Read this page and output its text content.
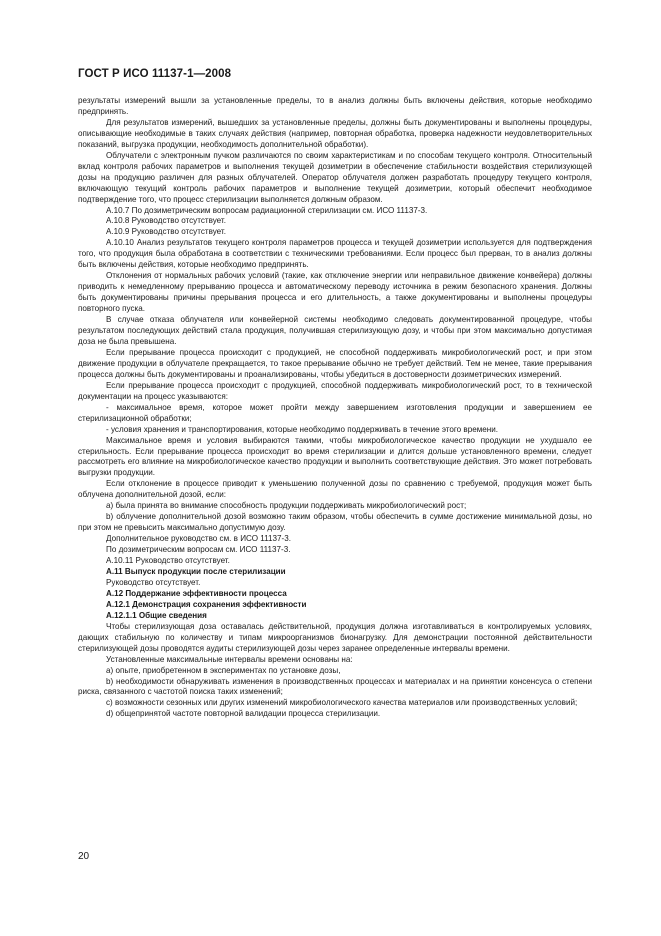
ГОСТ Р ИСО 11137-1—2008

результаты измерений вышли за установленные пределы, то в анализ должны быть включены действия, которые необходимо предпринять.

Для результатов измерений, вышедших за установленные пределы, должны быть документированы и выполнены процедуры, описывающие необходимые в таких случаях действия (например, повторная обработка, проверка надежности неудовлетворительных показаний, выгрузка продукции, необходимость дополнительной обработки).

Облучатели с электронным пучком различаются по своим характеристикам и по способам текущего контроля. Относительный вклад контроля рабочих параметров и выполнения текущей дозиметрии в обеспечение стабильности воздействия стерилизующей дозы на продукцию различен для разных облучателей. Оператор облучателя должен разработать процедуру текущего контроля, включающую текущий контроль рабочих параметров и выполнение текущей дозиметрии, который обеспечит необходимое подтверждение того, что процесс стерилизации выполняется должным образом.

А.10.7 По дозиметрическим вопросам радиационной стерилизации см. ИСО 11137-3.

А.10.8 Руководство отсутствует.

А.10.9 Руководство отсутствует.

А.10.10 Анализ результатов текущего контроля параметров процесса и текущей дозиметрии используется для подтверждения того, что продукция была обработана в соответствии с техническими требованиями. Если процесс был прерван, то в анализ должны быть включены действия, которые необходимо предпринять.

Отклонения от нормальных рабочих условий (такие, как отключение энергии или неправильное движение конвейера) должны приводить к немедленному прерыванию процесса и автоматическому переводу источника в режим безопасного хранения. Должны быть документированы причины прерывания процесса и его длительность, а также документированы и выполнены процедуры повторного пуска.

В случае отказа облучателя или конвейерной системы необходимо следовать документированной процедуре, чтобы результатом последующих действий стала продукция, получившая стерилизующую дозу, и чтобы при этом максимально допустимая доза не была превышена.

Если прерывание процесса происходит с продукцией, не способной поддерживать микробиологический рост, и при этом движение продукции в облучателе прекращается, то такое прерывание обычно не требует действий. Тем не менее, такие прерывания процесса должны быть документированы и проанализированы, чтобы убедиться в достоверности дозиметрических измерений.

Если прерывание процесса происходит с продукцией, способной поддерживать микробиологический рост, то в технической документации на процесс указываются:

- максимальное время, которое может пройти между завершением изготовления продукции и завершением ее стерилизационной обработки;

- условия хранения и транспортирования, которые необходимо поддерживать в течение этого времени.

Максимальное время и условия выбираются такими, чтобы микробиологическое качество продукции не ухудшало ее стерильность. Если прерывание процесса происходит во время стерилизации и длится дольше установленного времени, следует рассмотреть его влияние на микробиологическое качество продукции и выполнить соответствующие действия. Это может потребовать выгрузки продукции.

Если отклонение в процессе приводит к уменьшению полученной дозы по сравнению с требуемой, продукция может быть облучена дополнительной дозой, если:

а) была принята во внимание способность продукции поддерживать микробиологический рост;

b) облучение дополнительной дозой возможно таким образом, чтобы обеспечить в сумме достижение минимальной дозы, но при этом не превысить максимально допустимую дозу.

Дополнительное руководство см. в ИСО 11137-3.

По дозиметрическим вопросам см. ИСО 11137-3.

А.10.11 Руководство отсутствует.

А.11 Выпуск продукции после стерилизации

Руководство отсутствует.

А.12 Поддержание эффективности процесса

А.12.1 Демонстрация сохранения эффективности

А.12.1.1 Общие сведения

Чтобы стерилизующая доза оставалась действительной, продукция должна изготавливаться в контролируемых условиях, дающих стабильную по количеству и типам микроорганизмов бионагрузку. Для демонстрации постоянной действительности стерилизующей дозы проводятся аудиты стерилизующей дозы через заранее определенные интервалы времени.

Установленные максимальные интервалы времени основаны на:

а) опыте, приобретенном в экспериментах по установке дозы,

b) необходимости обнаруживать изменения в производственных процессах и материалах и на принятии консенсуса о степени риска, связанного с частотой поиска таких изменений;

с) возможности сезонных или других изменений микробиологического качества материалов или производственных условий;

d) общепринятой частоте повторной валидации процесса стерилизации.

20
